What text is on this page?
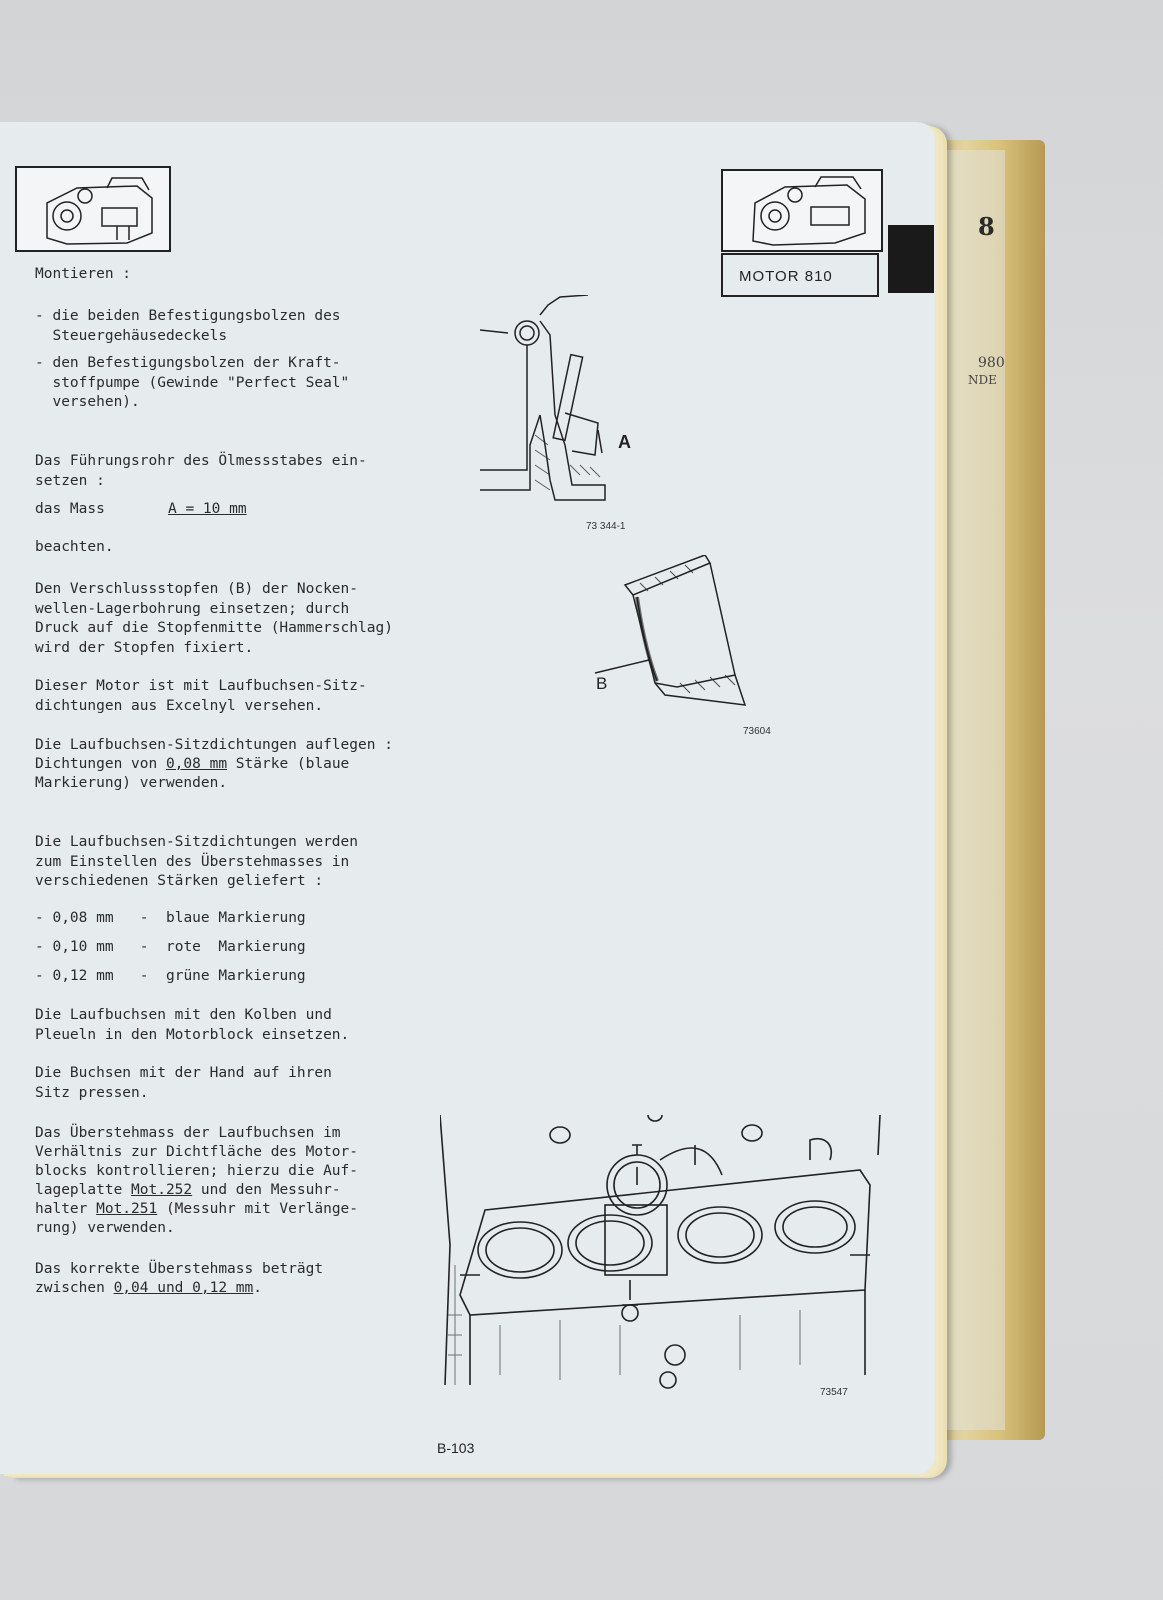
8
980
NDE
MOTOR 810
Montieren :
- die beiden Befestigungsbolzen des
Steuergehäusedeckels
- den Befestigungsbolzen der Kraft-
stoffpumpe (Gewinde "Perfect Seal"
versehen).
Das Führungsrohr des Ölmessstabes ein-
setzen :
das Mass	A = 10 mm
beachten.
Den Verschlussstopfen (B) der Nocken-
wellen-Lagerbohrung einsetzen; durch
Druck auf die Stopfenmitte (Hammerschlag)
wird der Stopfen fixiert.
Dieser Motor ist mit Laufbuchsen-Sitz-
dichtungen aus Excelnyl versehen.
Die Laufbuchsen-Sitzdichtungen auflegen :
Dichtungen von 0,08 mm Stärke (blaue
Markierung) verwenden.
Die Laufbuchsen-Sitzdichtungen werden
zum Einstellen des Überstehmasses in
verschiedenen Stärken geliefert :
- 0,08 mm - blaue Markierung
- 0,10 mm - rote  Markierung
- 0,12 mm - grüne Markierung
Die Laufbuchsen mit den Kolben und
Pleueln in den Motorblock einsetzen.
Die Buchsen mit der Hand auf ihren
Sitz pressen.
Das Überstehmass der Laufbuchsen im
Verhältnis zur Dichtfläche des Motor-
blocks kontrollieren; hierzu die Auf-
lageplatte Mot.252 und den Messuhr-
halter Mot.251 (Messuhr mit Verlänge-
rung) verwenden.
Das korrekte Überstehmass beträgt
zwischen 0,04 und 0,12 mm.
A
73 344-1
B
73604
73547
B-103
